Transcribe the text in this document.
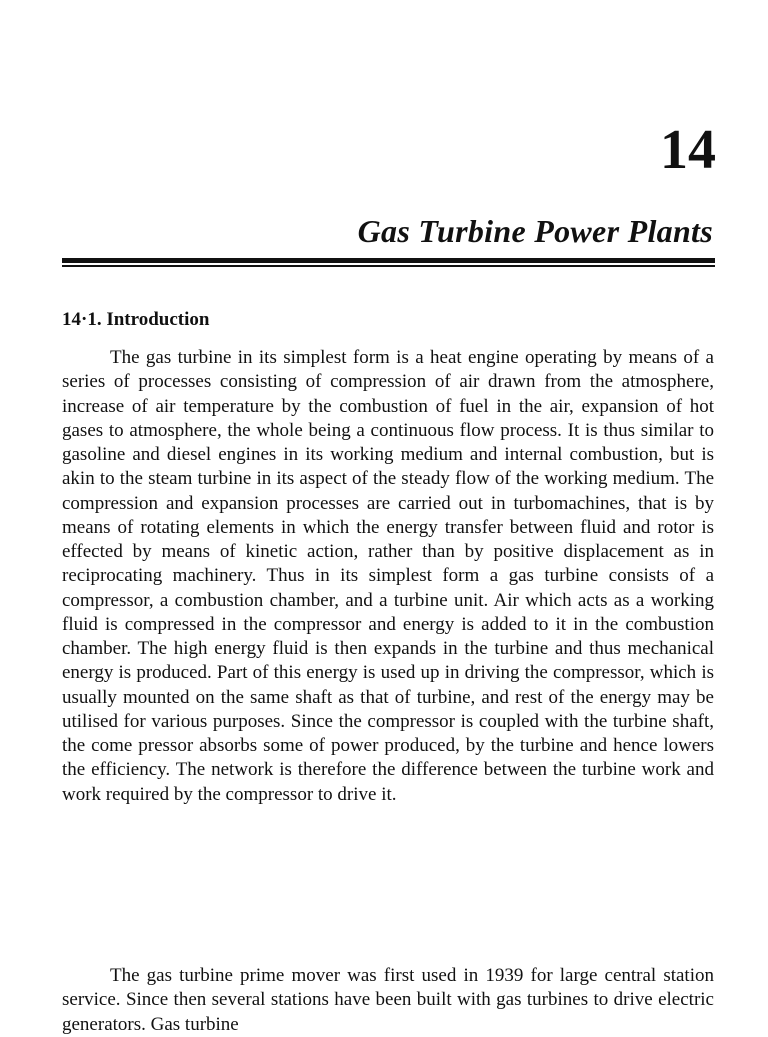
14
Gas Turbine Power Plants
14·1. Introduction

The gas turbine in its simplest form is a heat engine operating by means of a series of processes consisting of compression of air drawn from the atmosphere, increase of air temperature by the combustion of fuel in the air, expansion of hot gases to atmosphere, the whole being a continuous flow process. It is thus similar to gasoline and diesel engines in its working medium and internal combustion, but is akin to the steam turbine in its aspect of the steady flow of the working medium. The compression and expansion processes are carried out in turbomachines, that is by means of rotating elements in which the energy transfer between fluid and rotor is effected by means of kinetic action, rather than by positive displacement as in reciprocating machinery. Thus in its simplest form a gas turbine consists of a compressor, a combustion chamber, and a turbine unit. Air which acts as a working fluid is compressed in the compressor and energy is added to it in the combustion chamber. The high energy fluid is then expands in the turbine and thus mechanical energy is produced. Part of this energy is used up in driving the compressor, which is usually mounted on the same shaft as that of turbine, and rest of the energy may be utilised for various purposes. Since the compressor is coupled with the turbine shaft, the come pressor absorbs some of power produced, by the turbine and hence lowers the efficiency. The network is therefore the difference between the turbine work and work required by the compressor to drive it.

The gas turbine prime mover was first used in 1939 for large central station service. Since then several stations have been built with gas turbines to drive electric generators. Gas turbine
